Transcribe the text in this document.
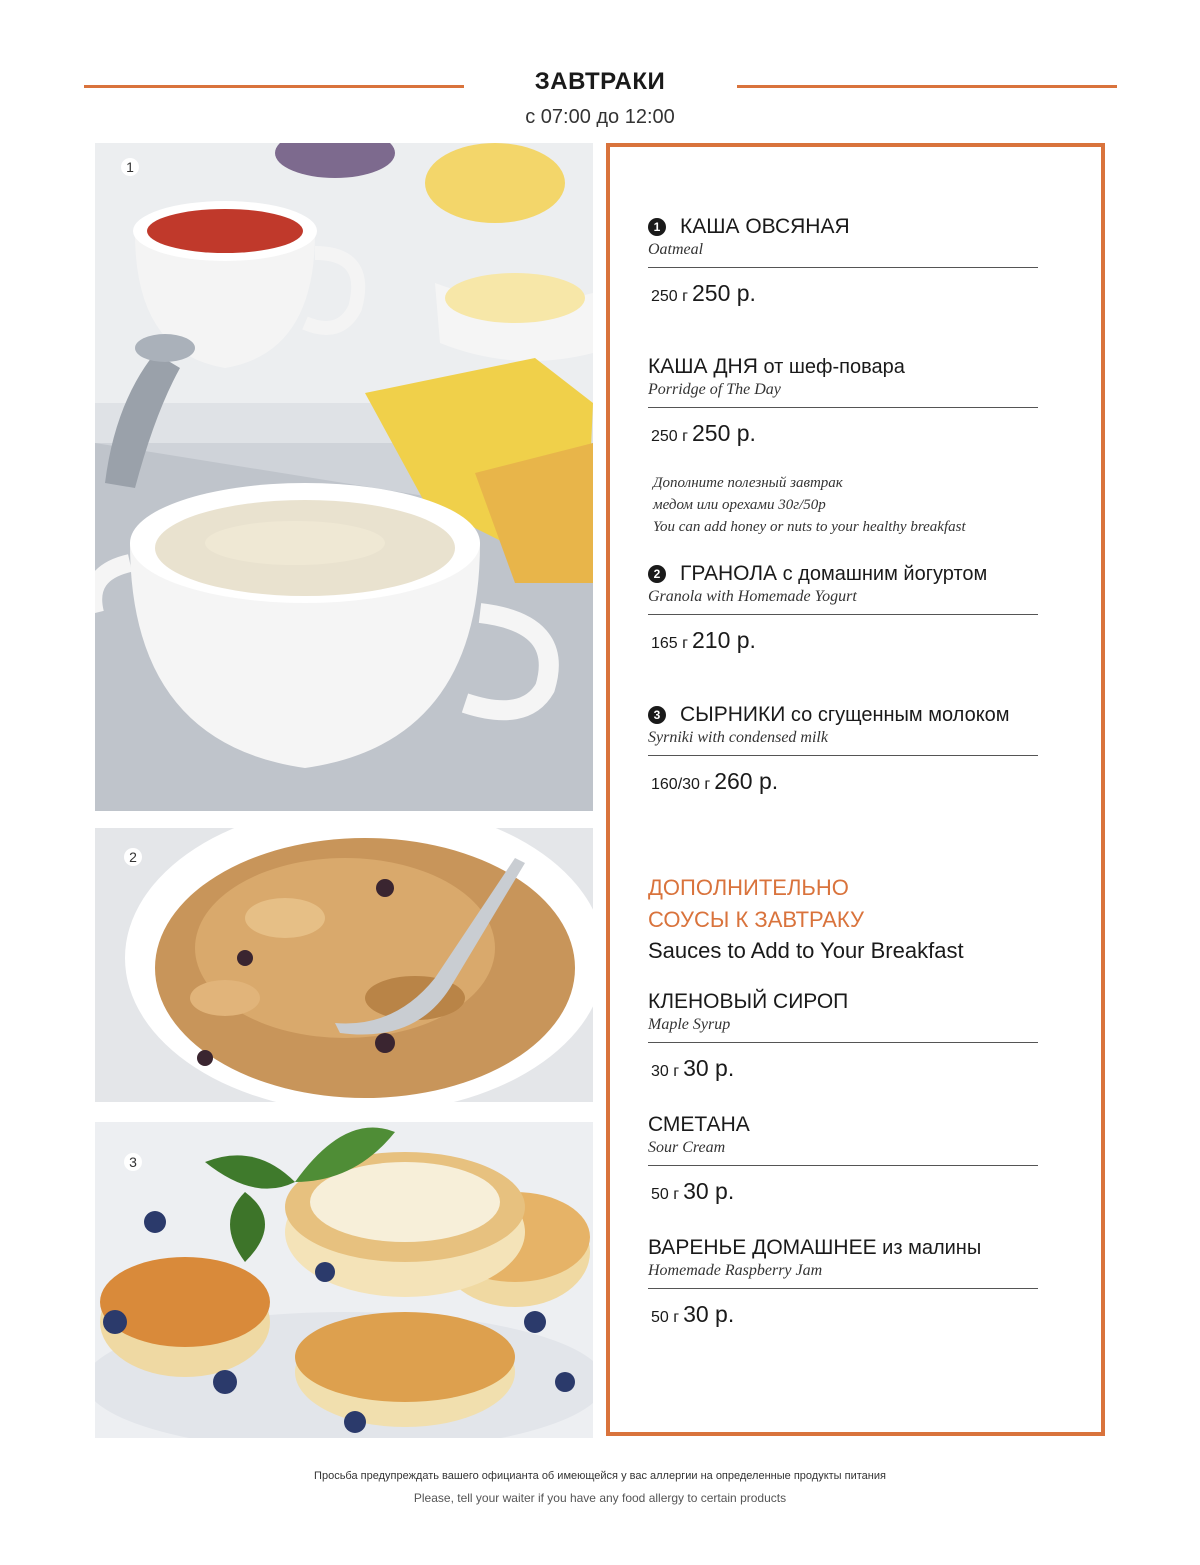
ЗАВТРАКИ
с 07:00 до 12:00
1
2
3
1 КАША ОВСЯНАЯ
Oatmeal
250 г 250 р.
КАША ДНЯ от шеф-повара
Porridge of The Day
250 г 250 р.
Дополните полезный завтрак
медом или орехами 30г/50р
You can add honey or nuts to your healthy breakfast
2 ГРАНОЛА с домашним йогуртом
Granola with Homemade Yogurt
165 г 210 р.
3 СЫРНИКИ со сгущенным молоком
Syrniki with condensed milk
160/30 г 260 р.
ДОПОЛНИТЕЛЬНО
СОУСЫ К ЗАВТРАКУ
Sauces to Add to Your Breakfast
КЛЕНОВЫЙ СИРОП
Maple Syrup
30 г 30 р.
СМЕТАНА
Sour Cream
50 г 30 р.
ВАРЕНЬЕ ДОМАШНЕЕ из малины
Homemade Raspberry Jam
50 г 30 р.
Просьба предупреждать вашего официанта об имеющейся у вас аллергии на определенные продукты питания
Please, tell your waiter if you have any food allergy to certain products
